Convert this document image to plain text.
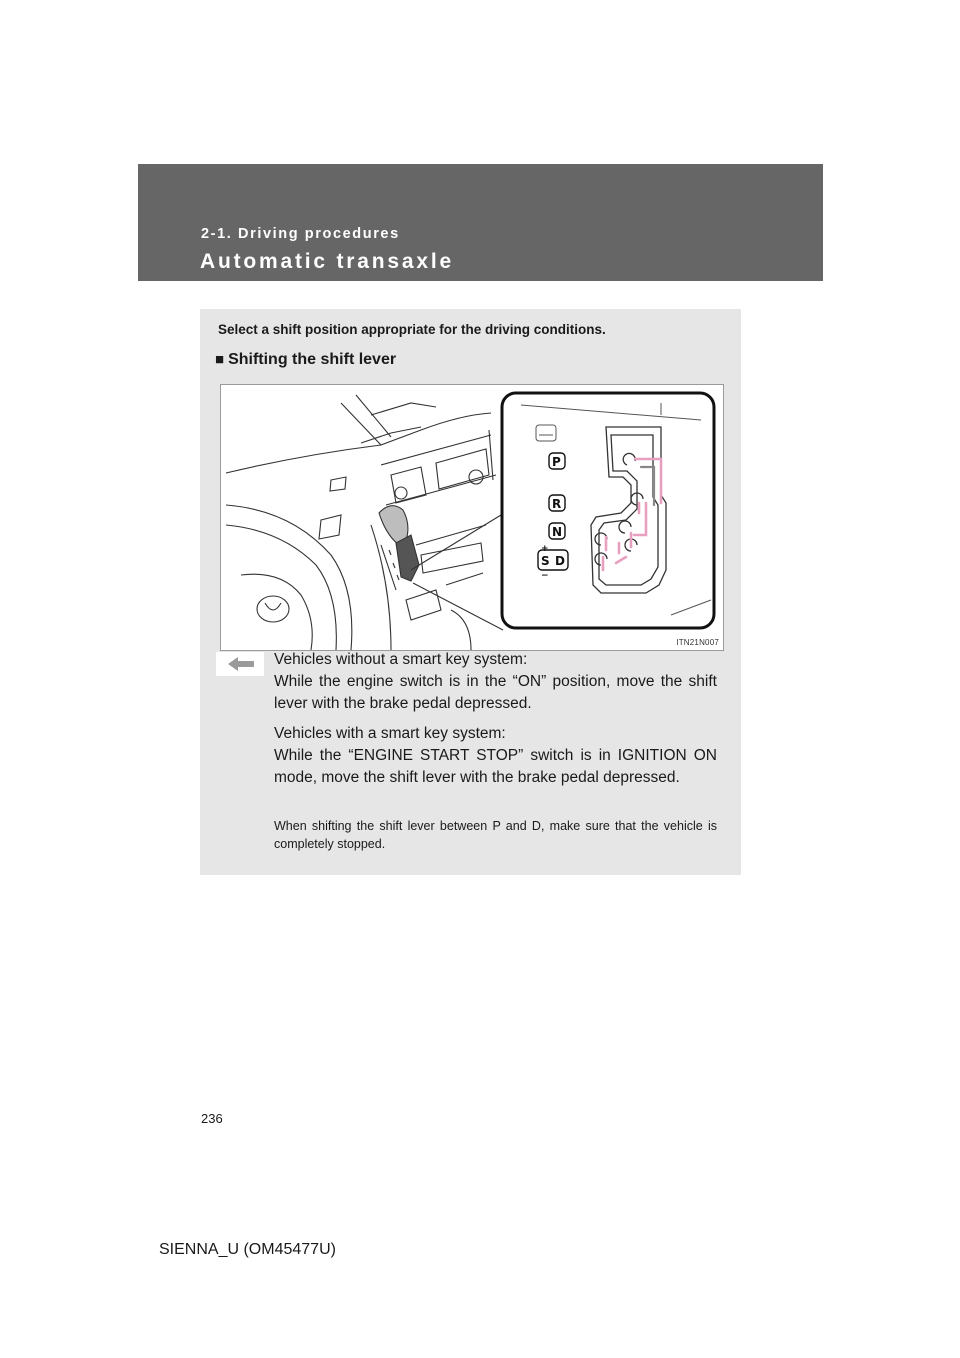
2-1. Driving procedures
Automatic transaxle
Select a shift position appropriate for the driving conditions.
■ Shifting the shift lever
P
R
N
S D
+
−
ITN21N007

Vehicles without a smart key system:

While the engine switch is in the “ON” position, move the shift lever with the brake pedal depressed.

Vehicles with a smart key system:

While the “ENGINE START STOP” switch is in IGNITION ON mode, move the shift lever with the brake pedal depressed.

When shifting the shift lever between P and D, make sure that the vehicle is completely stopped.
236
SIENNA_U (OM45477U)
